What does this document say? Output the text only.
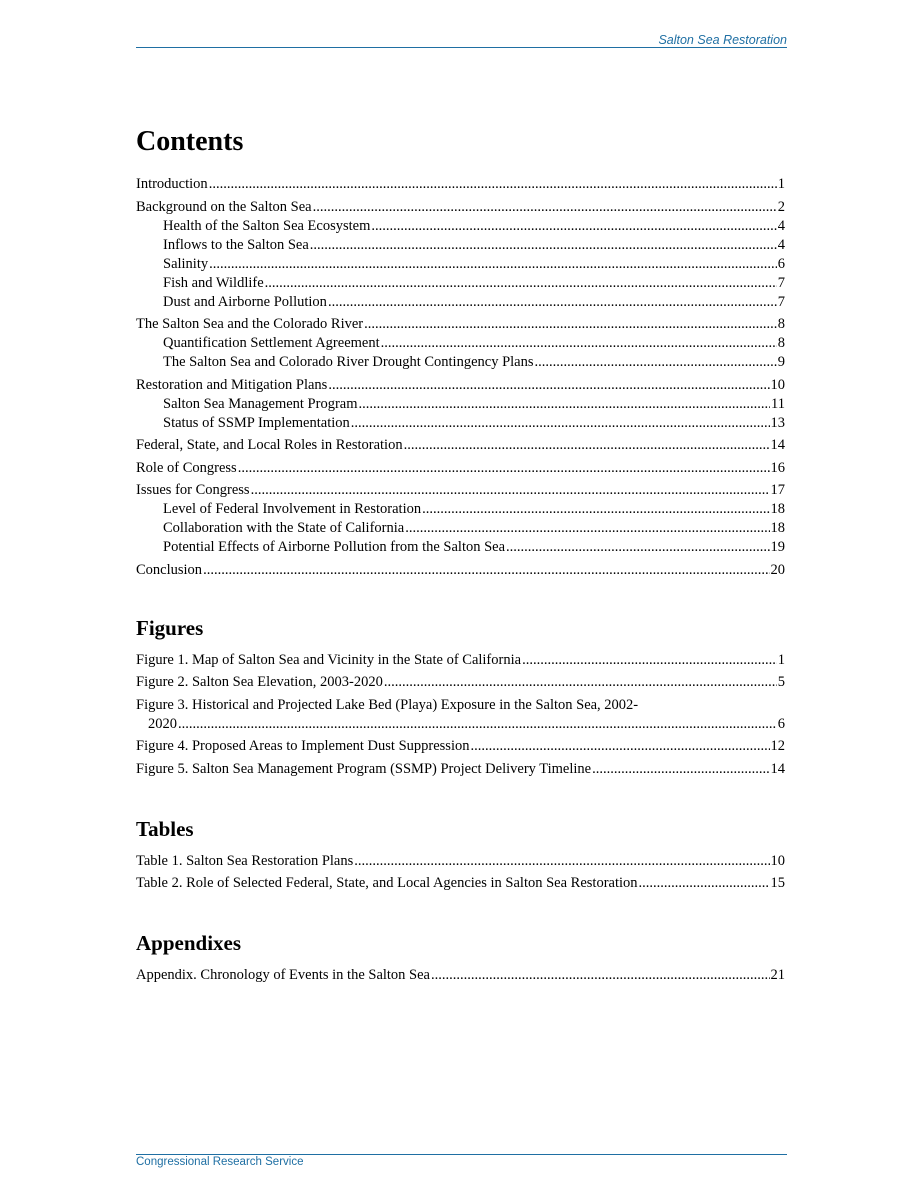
Salton Sea Restoration
Contents
Introduction .....	1
Background on the Salton Sea .....	2
Health of the Salton Sea Ecosystem .....	4
Inflows to the Salton Sea .....	4
Salinity .....	6
Fish and Wildlife .....	7
Dust and Airborne Pollution .....	7
The Salton Sea and the Colorado River .....	8
Quantification Settlement Agreement .....	8
The Salton Sea and Colorado River Drought Contingency Plans .....	9
Restoration and Mitigation Plans .....	10
Salton Sea Management Program .....	11
Status of SSMP Implementation .....	13
Federal, State, and Local Roles in Restoration .....	14
Role of Congress .....	16
Issues for Congress .....	17
Level of Federal Involvement in Restoration .....	18
Collaboration with the State of California .....	18
Potential Effects of Airborne Pollution from the Salton Sea .....	19
Conclusion .....	20
Figures
Figure 1. Map of Salton Sea and Vicinity in the State of California .....	1
Figure 2. Salton Sea Elevation, 2003-2020 .....	5
Figure 3. Historical and Projected Lake Bed (Playa) Exposure in the Salton Sea, 2002-
2020 .....	6
Figure 4. Proposed Areas to Implement Dust Suppression .....	12
Figure 5. Salton Sea Management Program (SSMP) Project Delivery Timeline .....	14
Tables
Table 1. Salton Sea Restoration Plans .....	10
Table 2. Role of Selected Federal, State, and Local Agencies in Salton Sea Restoration .....	15
Appendixes
Appendix. Chronology of Events in the Salton Sea .....	21
Congressional Research Service
